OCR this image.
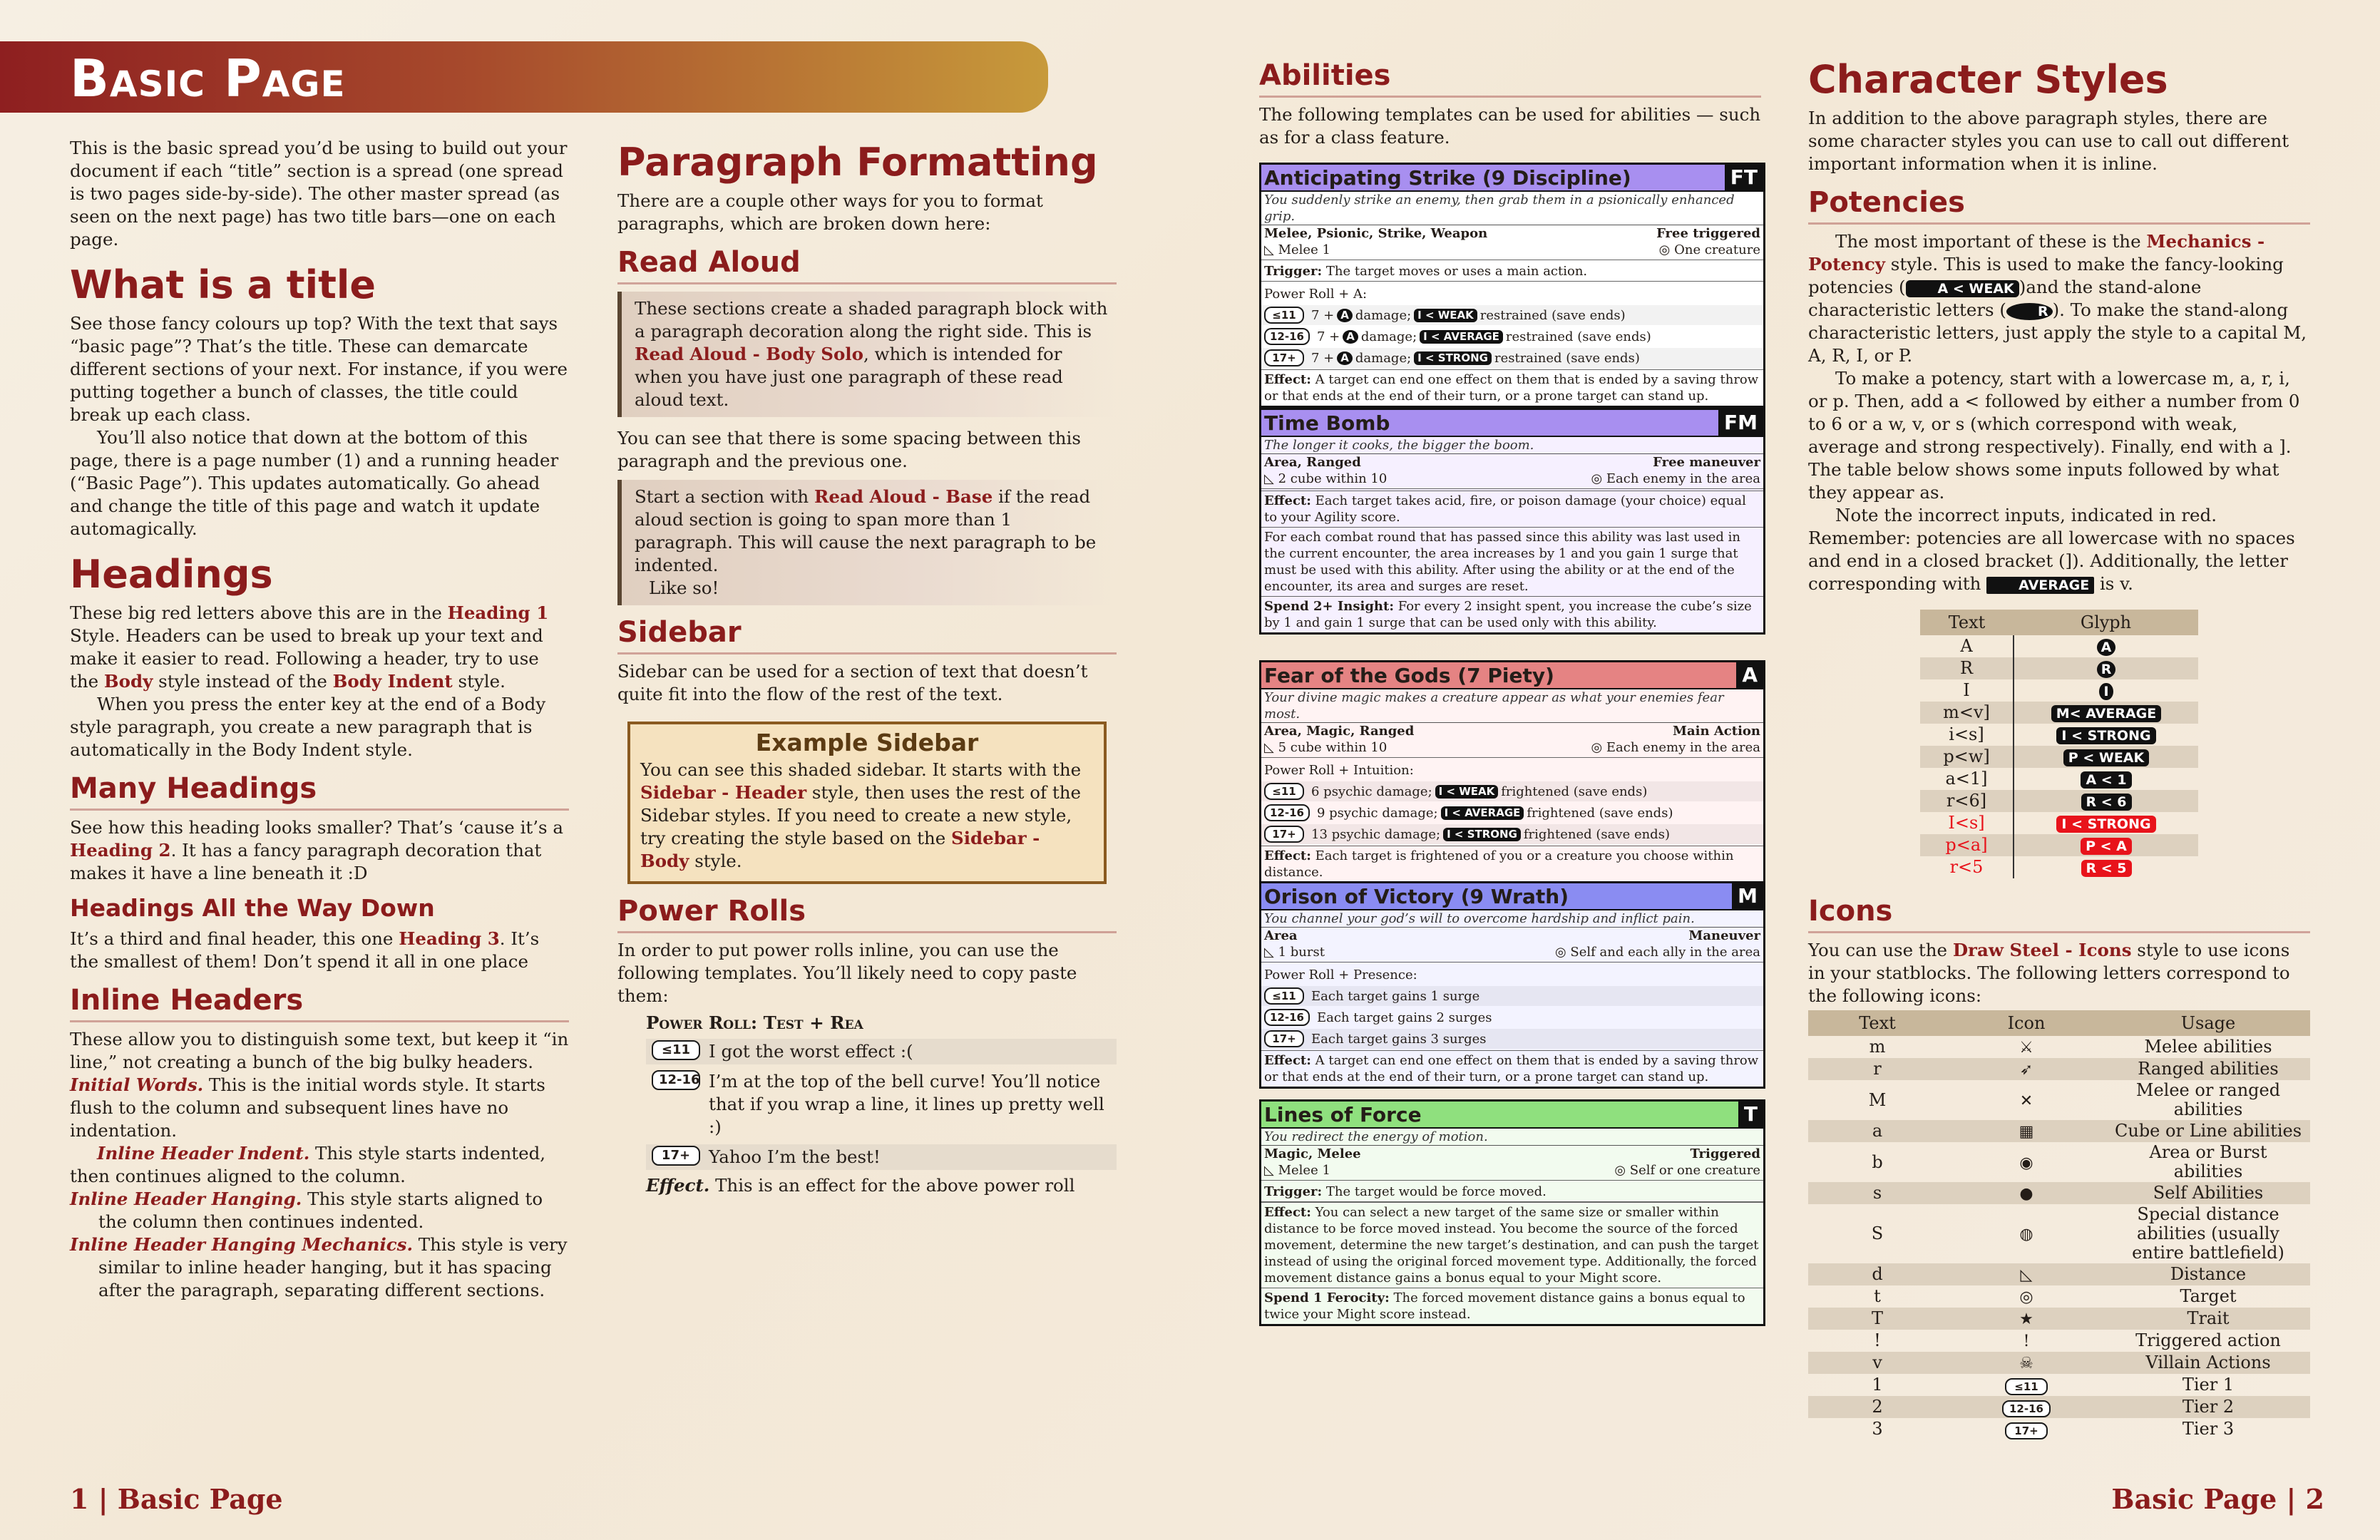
Basic Page

This is the basic spread you’d be using to build out your document if each “title” section is a spread (one spread is two pages side-by-side). The other master spread (as seen on the next page) has two title bars—one on each page.

What is a title

See those fancy colours up top? With the text that says “basic page”? That’s the title. These can demarcate different sections of your next. For instance, if you were putting together a bunch of classes, the title could break up each class.

You’ll also notice that down at the bottom of this page, there is a page number (1) and a running header (“Basic Page”). This updates automatically. Go ahead and change the title of this page and watch it update automagically.

Headings

These big red letters above this are in the Heading 1 Style. Headers can be used to break up your text and make it easier to read. Following a header, try to use the Body style instead of the Body Indent style.

When you press the enter key at the end of a Body style paragraph, you create a new paragraph that is automatically in the Body Indent style.

Many Headings

See how this heading looks smaller? That’s ‘cause it’s a Heading 2. It has a fancy paragraph decoration that makes it have a line beneath it :D

Headings All the Way Down

It’s a third and final header, this one Heading 3. It’s the smallest of them! Don’t spend it all in one place

Inline Headers

These allow you to distinguish some text, but keep it “in line,” not creating a bunch of the big bulky headers.

Initial Words. This is the initial words style. It starts flush to the column and subsequent lines have no indentation.

Inline Header Indent. This style starts indented, then continues aligned to the column.

Inline Header Hanging. This style starts aligned to the column then continues indented.

Inline Header Hanging Mechanics. This style is very similar to inline header hanging, but it has spacing after the paragraph, separating different sections.

Paragraph Formatting

There are a couple other ways for you to format paragraphs, which are broken down here:

Read Aloud
These sections create a shaded paragraph block with a paragraph decoration along the right side. This is Read Aloud - Body Solo, which is intended for when you have just one paragraph of these read aloud text.

You can see that there is some spacing between this paragraph and the previous one.

Start a section with Read Aloud - Base if the read aloud section is going to span more than 1 paragraph. This will cause the next paragraph to be indented.
Like so!
Sidebar

Sidebar can be used for a section of text that doesn’t quite fit into the flow of the rest of the text.

Example Sidebar
You can see this shaded sidebar. It starts with the Sidebar - Header style, then uses the rest of the Sidebar styles. If you need to create a new style, try creating the style based on the Sidebar - Body style.
Power Rolls

In order to put power rolls inline, you can use the following templates. You’ll likely need to copy paste them:

Power Roll: Test + Rea
≤11	I got the worst effect :(
12-16 I’m at the top of the bell curve! You’ll notice that if you wrap a line, it lines up pretty well :)
17+	Yahoo I’m the best!

Effect. This is an effect for the above power roll

Abilities

The following templates can be used for abilities — such as for a class feature.

Anticipating Strike (9 Discipline)	FT
You suddenly strike an enemy, then grab them in a psionically enhanced grip.
Melee, Psionic, Strike, Weapon	Free triggered
◺ Melee 1	◎ One creature
Trigger: The target moves or uses a main action.
Power Roll + A:
≤11	7 + A damage; I < WEAK restrained (save ends)
12-16	7 + A damage; I < AVERAGE restrained (save ends)
17+	7 + A damage; I < STRONG restrained (save ends)
Effect: A target can end one effect on them that is ended by a saving throw or that ends at the end of their turn, or a prone target can stand up.
Time Bomb	FM
The longer it cooks, the bigger the boom.
Area, Ranged	Free maneuver
◺ 2 cube within 10	◎ Each enemy in the area
Effect: Each target takes acid, fire, or poison damage (your choice) equal to your Agility score.
For each combat round that has passed since this ability was last used in the current encounter, the area increases by 1 and you gain 1 surge that must be used with this ability. After using the ability or at the end of the encounter, its area and surges are reset.
Spend 2+ Insight: For every 2 insight spent, you increase the cube’s size by 1 and gain 1 surge that can be used only with this ability.
Fear of the Gods (7 Piety)	A
Your divine magic makes a creature appear as what your enemies fear most.
Area, Magic, Ranged	Main Action
◺ 5 cube within 10	◎ Each enemy in the area
Power Roll + Intuition:
≤11	6 psychic damage; I < WEAK frightened (save ends)
12-16	9 psychic damage; I < AVERAGE frightened (save ends)
17+	13 psychic damage; I < STRONG frightened (save ends)
Effect: Each target is frightened of you or a creature you choose within distance.
Orison of Victory (9 Wrath)	M
You channel your god’s will to overcome hardship and inflict pain.
Area	Maneuver
◺ 1 burst	◎ Self and each ally in the area
Power Roll + Presence:
≤11	Each target gains 1 surge
12-16	Each target gains 2 surges
17+	Each target gains 3 surges
Effect: A target can end one effect on them that is ended by a saving throw or that ends at the end of their turn, or a prone target can stand up.
Lines of Force	T
You redirect the energy of motion.
Magic, Melee	Triggered
◺ Melee 1	◎ Self or one creature
Trigger: The target would be force moved.
Effect: You can select a new target of the same size or smaller within distance to be force moved instead. You become the source of the forced movement, determine the new target’s destination, and can push the target instead of using the original forced movement type. Additionally, the forced movement distance gains a bonus equal to your Might score.
Spend 1 Ferocity: The forced movement distance gains a bonus equal to twice your Might score instead.
Character Styles

In addition to the above paragraph styles, there are some character styles you can use to call out different important information when it is inline.

Potencies

The most important of these is the Mechanics - Potency style. This is used to make the fancy-looking potencies ( A < WEAK )and the stand-alone characteristic letters ( R ). To make the stand-along characteristic letters, just apply the style to a capital M, A, R, I, or P.

To make a potency, start with a lowercase m, a, r, i, or p. Then, add a < followed by either a number from 0 to 6 or a w, v, or s (which correspond with weak, average and strong respectively). Finally, end with a ]. The table below shows some inputs followed by what they appear as.

Note the incorrect inputs, indicated in red. Remember: potencies are all lowercase with no spaces and end in a closed bracket (]). Additionally, the letter corresponding with AVERAGE is v.

Text	Glyph
A	A
R	R
I	I
m<v]	M< AVERAGE
i<s]	I < STRONG
p<w]	P < WEAK
a<1]	A < 1
r<6]	R < 6
I<s]	I < STRONG
p<a]	P < A
r<5	R < 5
Icons

You can use the Draw Steel - Icons style to use icons in your statblocks. The following letters correspond to the following icons:

Text	Icon	Usage
m	⚔	Melee abilities
r	➶	Ranged abilities
M	✕	Melee or ranged abilities
a	▦	Cube or Line abilities
b	◉	Area or Burst abilities
s	●	Self Abilities
S	◍	Special distance abilities (usually entire battlefield)
d	◺	Distance
t	◎	Target
T	★	Trait
!	!	Triggered action
v	☠	Villain Actions
1	≤11	Tier 1
2	12-16	Tier 2
3	17+	Tier 3
1 | Basic Page	Basic Page | 2
